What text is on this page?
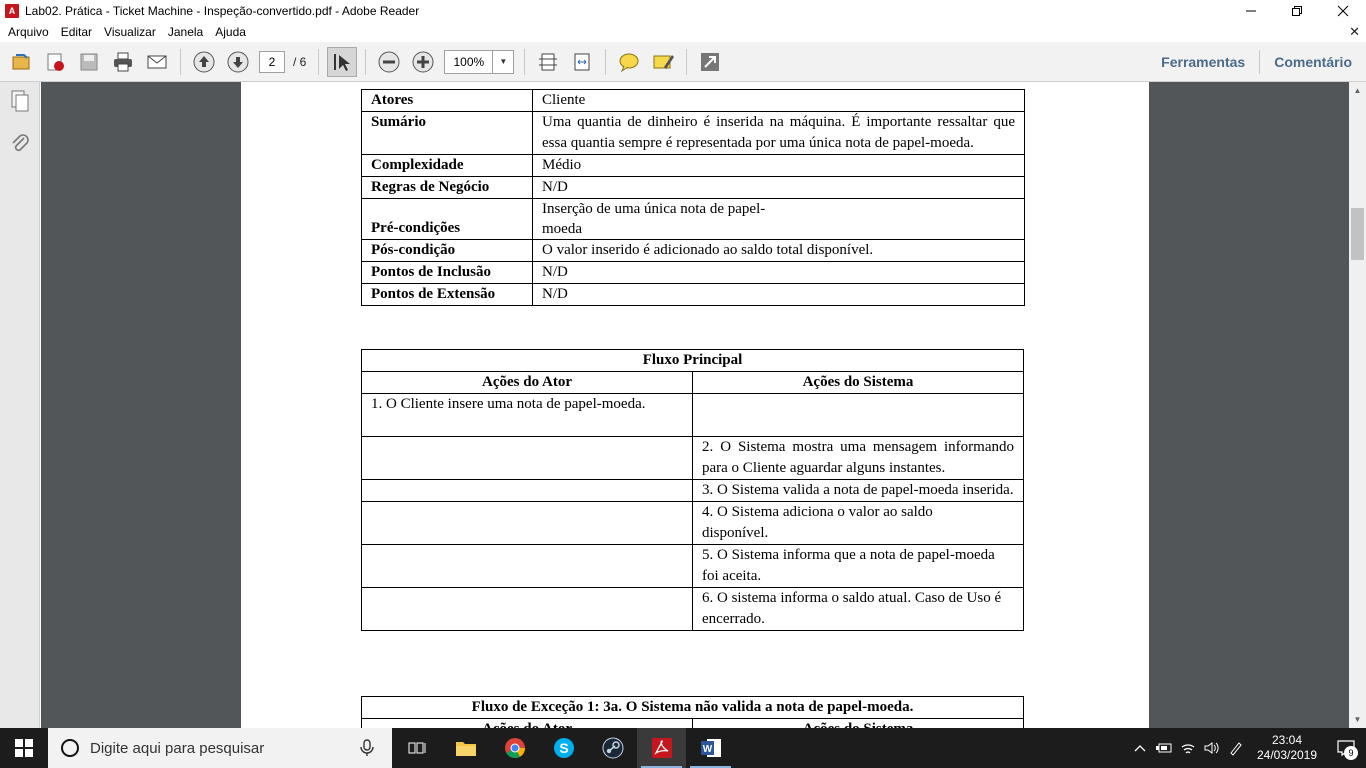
A Lab02. Prática - Ticket Machine - Inspeção-convertido.pdf - Adobe Reader
Arquivo	Editar	Visualizar	Janela	Ajuda	✕
2	/ 6	100%	▼	Ferramentas	Comentário
Atores	Cliente
Sumário	Uma quantia de dinheiro é inserida na máquina. É importante ressaltar que essa quantia sempre é representada por uma única nota de papel-moeda.
Complexidade	Médio
Regras de Negócio	N/D
Pré-condições	Inserção de uma única nota de papel-moeda
Pós-condição	O valor inserido é adicionado ao saldo total disponível.
Pontos de Inclusão	N/D
Pontos de Extensão	N/D
Fluxo Principal	
Ações do Ator	Ações do Sistema
1. O Cliente insere uma nota de papel-moeda.	
	2. O Sistema mostra uma mensagem informando para o Cliente aguardar alguns instantes.
	3. O Sistema valida a nota de papel-moeda inserida.
	4. O Sistema adiciona o valor ao saldo disponível.
	5. O Sistema informa que a nota de papel-moeda foi aceita.
	6. O sistema informa o saldo atual. Caso de Uso é encerrado.
Fluxo de Exceção 1: 3a. O Sistema não valida a nota de papel-moeda.

▲
▼
Digite aqui para pesquisar	S	W
23:04
24/03/2019	9
